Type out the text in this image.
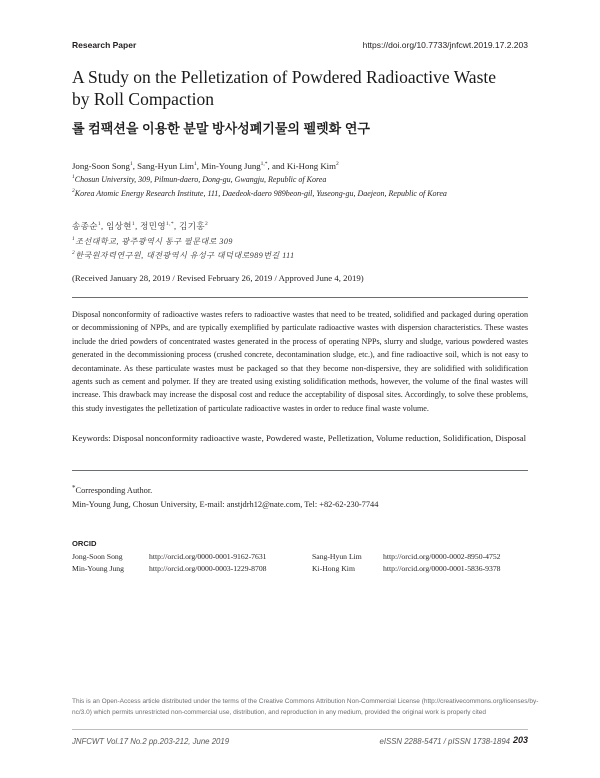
Research Paper	https://doi.org/10.7733/jnfcwt.2019.17.2.203
A Study on the Pelletization of Powdered Radioactive Waste
by Roll Compaction
롤 컴팩션을 이용한 분말 방사성폐기물의 펠렛화 연구
Jong-Soon Song$^1$, Sang-Hyun Lim$^1$, Min-Young Jung$^{1,*}$, and Ki-Hong Kim$^2$
$^1$Chosun University, 309, Pilmun-daero, Dong-gu, Gwangju, Republic of Korea
$^2$Korea Atomic Energy Research Institute, 111, Daedeok-daero 989beon-gil, Yuseong-gu, Daejeon, Republic of Korea
송종순$^1$, 임상현$^1$, 정민영$^{1,*}$, 김기홍$^2$
$^1$조선대학교, 광주광역시 동구 필문대로 309
$^2$한국원자력연구원, 대전광역시 유성구 대덕대로989번길 111
(Received January 28, 2019 / Revised February 26, 2019 / Approved June 4, 2019)
Disposal nonconformity of radioactive wastes refers to radioactive wastes that need to be treated, solidified and packaged during operation or decommissioning of NPPs, and are typically exemplified by particulate radioactive wastes with dispersion characteristics. These wastes include the dried powders of concentrated wastes generated in the process of operating NPPs, slurry and sludge, various powdered wastes generated in the decommissioning process (crushed concrete, decontamination sludge, etc.), and fine radioactive soil, which is not easy to decontaminate. As these particulate wastes must be packaged so that they become non-dispersive, they are solidified with solidification agents such as cement and polymer. If they are treated using existing solidification methods, however, the volume of the final wastes will increase. This drawback may increase the disposal cost and reduce the acceptability of disposal sites. Accordingly, to solve these problems, this study investigates the pelletization of particulate radioactive wastes in order to reduce final waste volume.
Keywords: Disposal nonconformity radioactive waste, Powdered waste, Pelletization, Volume reduction, Solidification, Disposal
*Corresponding Author.
Min-Young Jung, Chosun University, E-mail: anstjdrh12@nate.com, Tel: +82-62-230-7744
ORCID
Jong-Soon Song	http://orcid.org/0000-0001-9162-7631	Sang-Hyun Lim	http://orcid.org/0000-0002-8950-4752
Min-Young Jung	http://orcid.org/0000-0003-1229-8708	Ki-Hong Kim	http://orcid.org/0000-0001-5836-9378
This is an Open-Access article distributed under the terms of the Creative Commons Attribution Non-Commercial License (http://creativecommons.org/licenses/by-nc/3.0) which permits unrestricted non-commercial use, distribution, and reproduction in any medium, provided the original work is properly cited
JNFCWT Vol.17 No.2 pp.203-212, June 2019	eISSN 2288-5471 / pISSN 1738-1894 203
